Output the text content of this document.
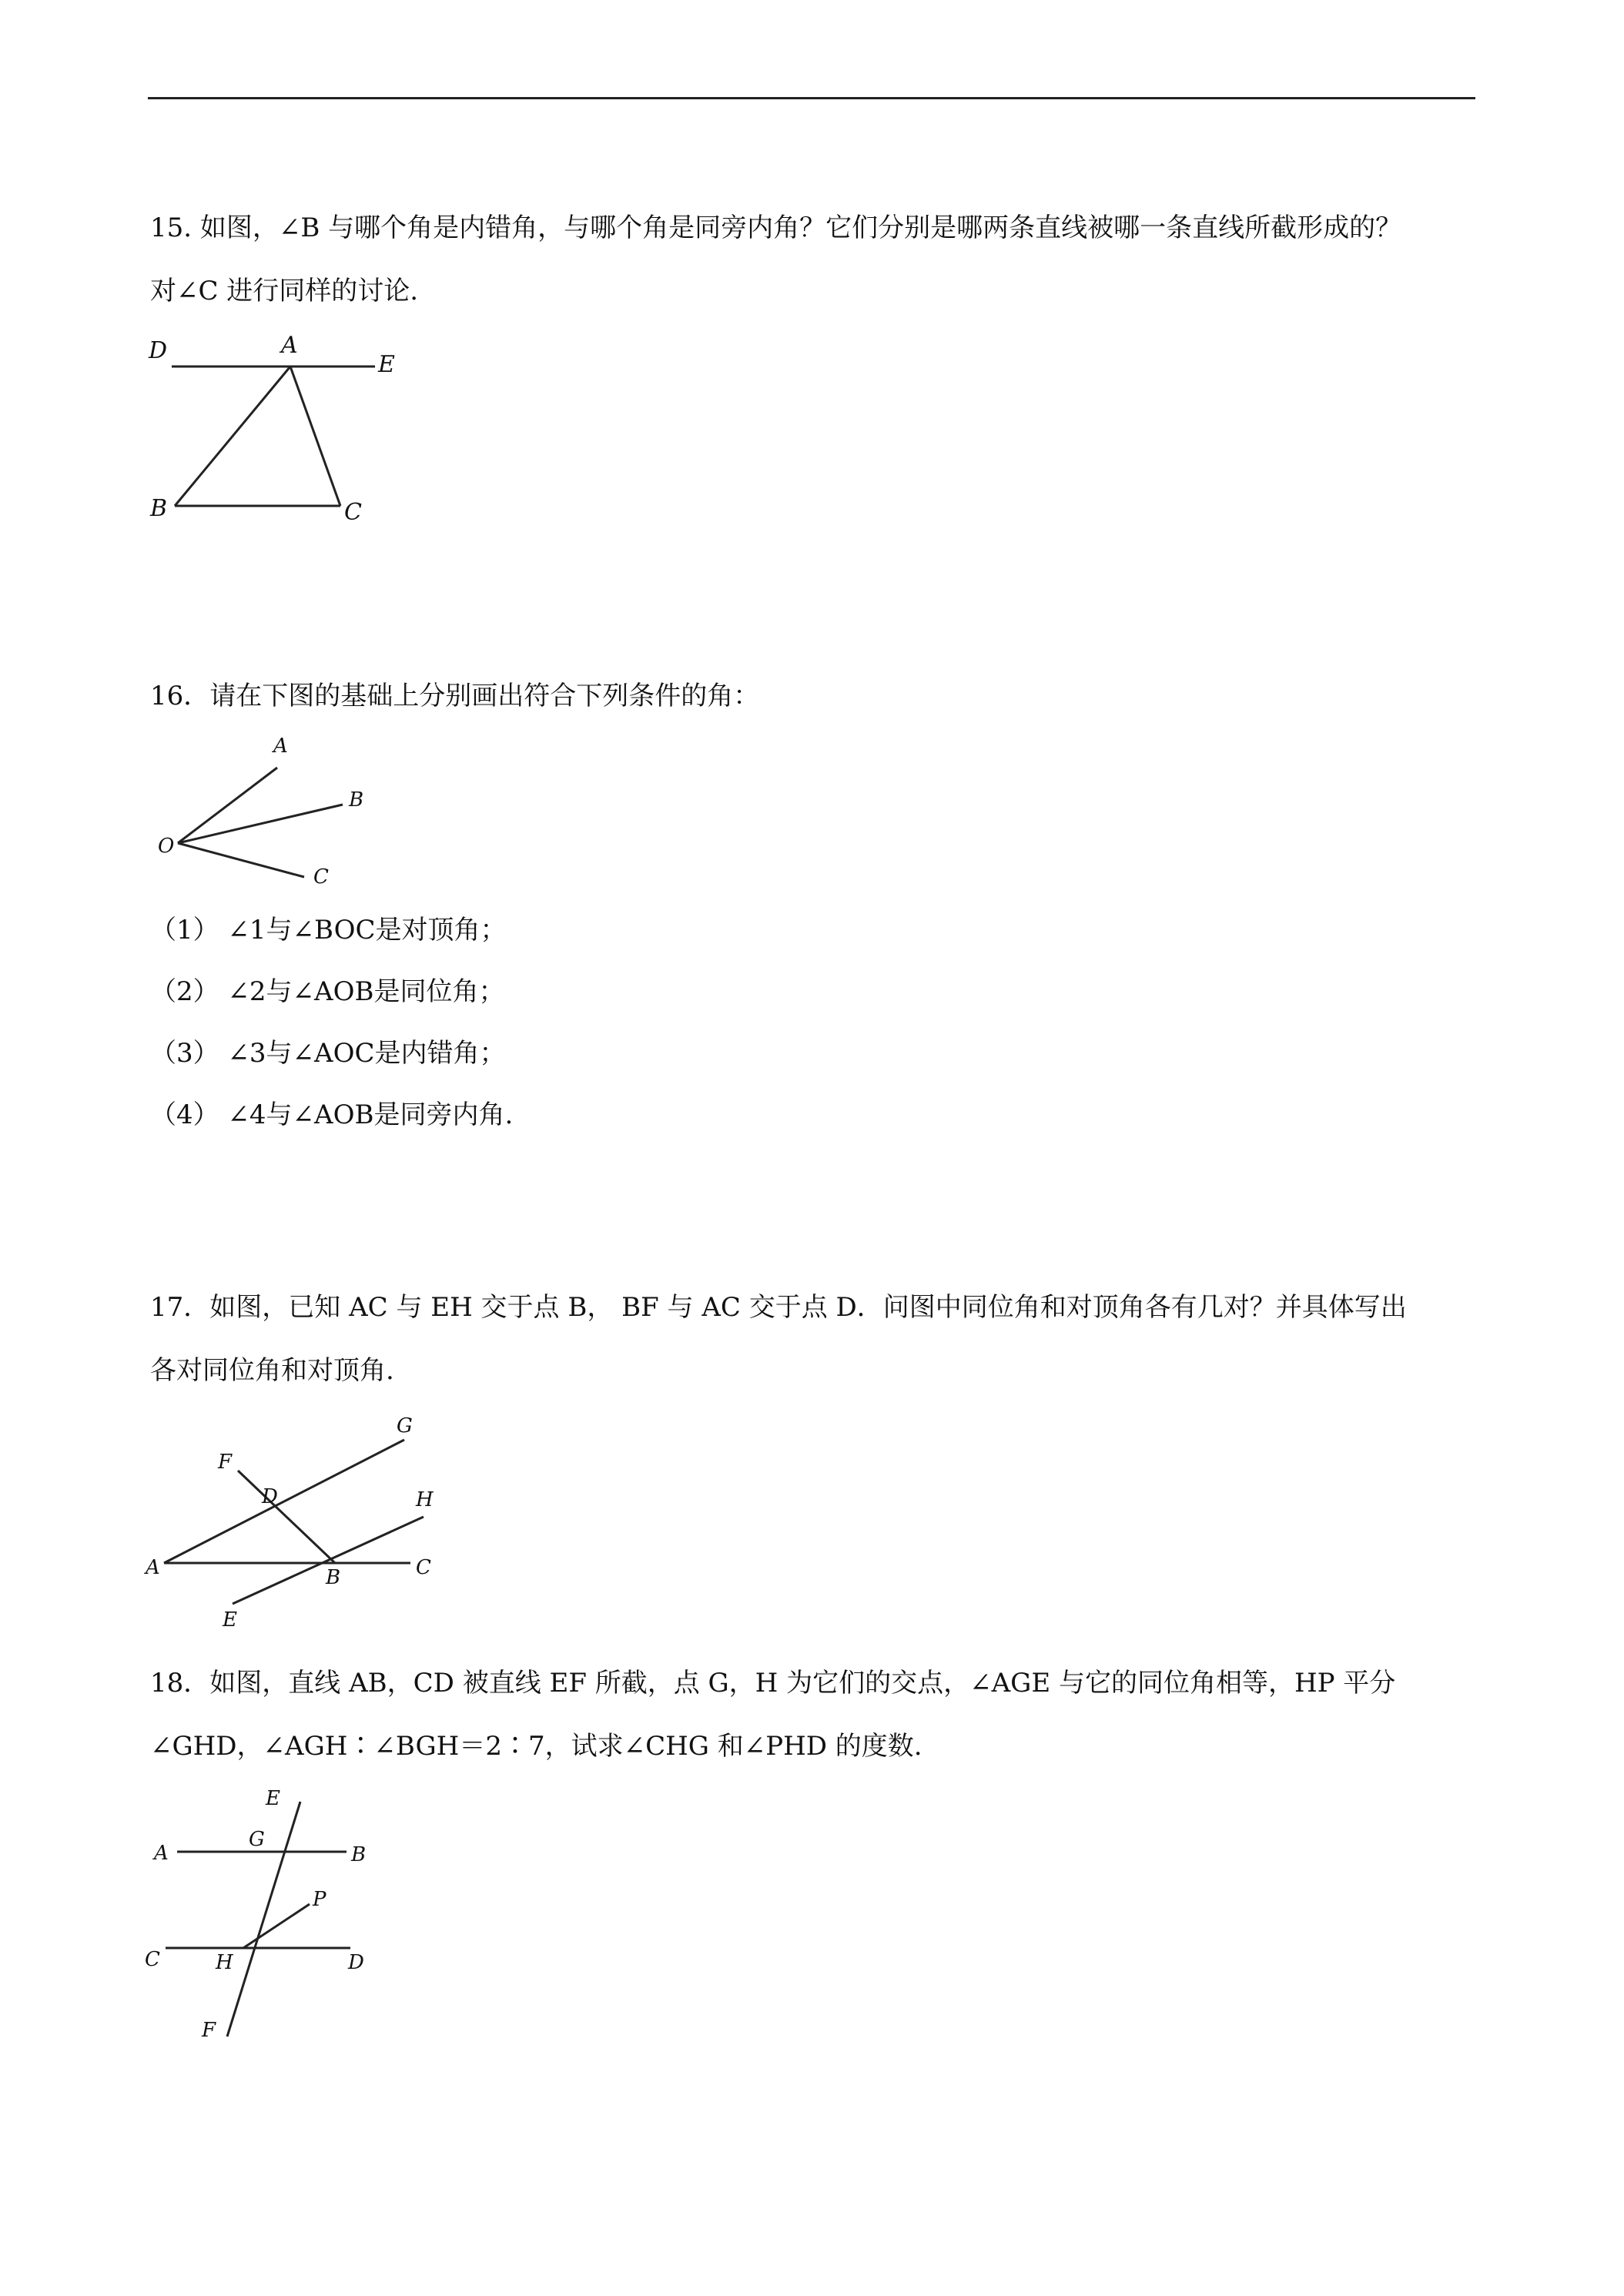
15. 如图，∠B 与哪个角是内错角，与哪个角是同旁内角？它们分别是哪两条直线被哪一条直线所截形成的？
对∠C 进行同样的讨论.
D	A
E
B	C
16．请在下图的基础上分别画出符合下列条件的角：
A
B
O
C
（1） ∠1与∠BOC是对顶角；
（2） ∠2与∠AOB是同位角；
（3） ∠3与∠AOC是内错角；
（4） ∠4与∠AOB是同旁内角.
17．如图，已知 AC 与 EH 交于点 B， BF 与 AC 交于点 D．问图中同位角和对顶角各有几对？并具体写出
各对同位角和对顶角.
G
F
D	H
A	B	C
E
18．如图，直线 AB，CD 被直线 EF 所截，点 G，H 为它们的交点，∠AGE 与它的同位角相等，HP 平分
∠GHD，∠AGH∶∠BGH＝2∶7，试求∠CHG 和∠PHD 的度数.
E
A
G
B
P
C	H	D
F
